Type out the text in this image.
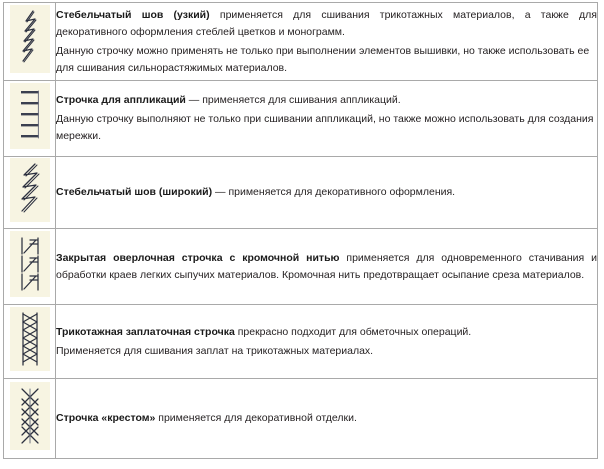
Стебельчатый шов (узкий) применяется для сшивания трикотажных материалов, а также для декоративного оформления стеблей цветков и монограмм.

Данную строчку можно применять не только при выполнении элементов вышивки, но также использовать ее для сшивания сильнорастяжимых материалов.

Строчка для аппликаций — применяется для сшивания аппликаций.

Данную строчку выполняют не только при сшивании аппликаций, но также можно использовать для создания мережки.

Стебельчатый шов (широкий) — применяется для декоративного оформления.

Закрытая оверлочная строчка с кромочной нитью применяется для одновременного стачивания и обработки краев легких сыпучих материалов. Кромочная нить предотвращает осыпание среза материалов.

Трикотажная заплаточная строчка прекрасно подходит для обметочных операций.

Применяется для сшивания заплат на трикотажных материалах.

Строчка «крестом» применяется для декоративной отделки.
